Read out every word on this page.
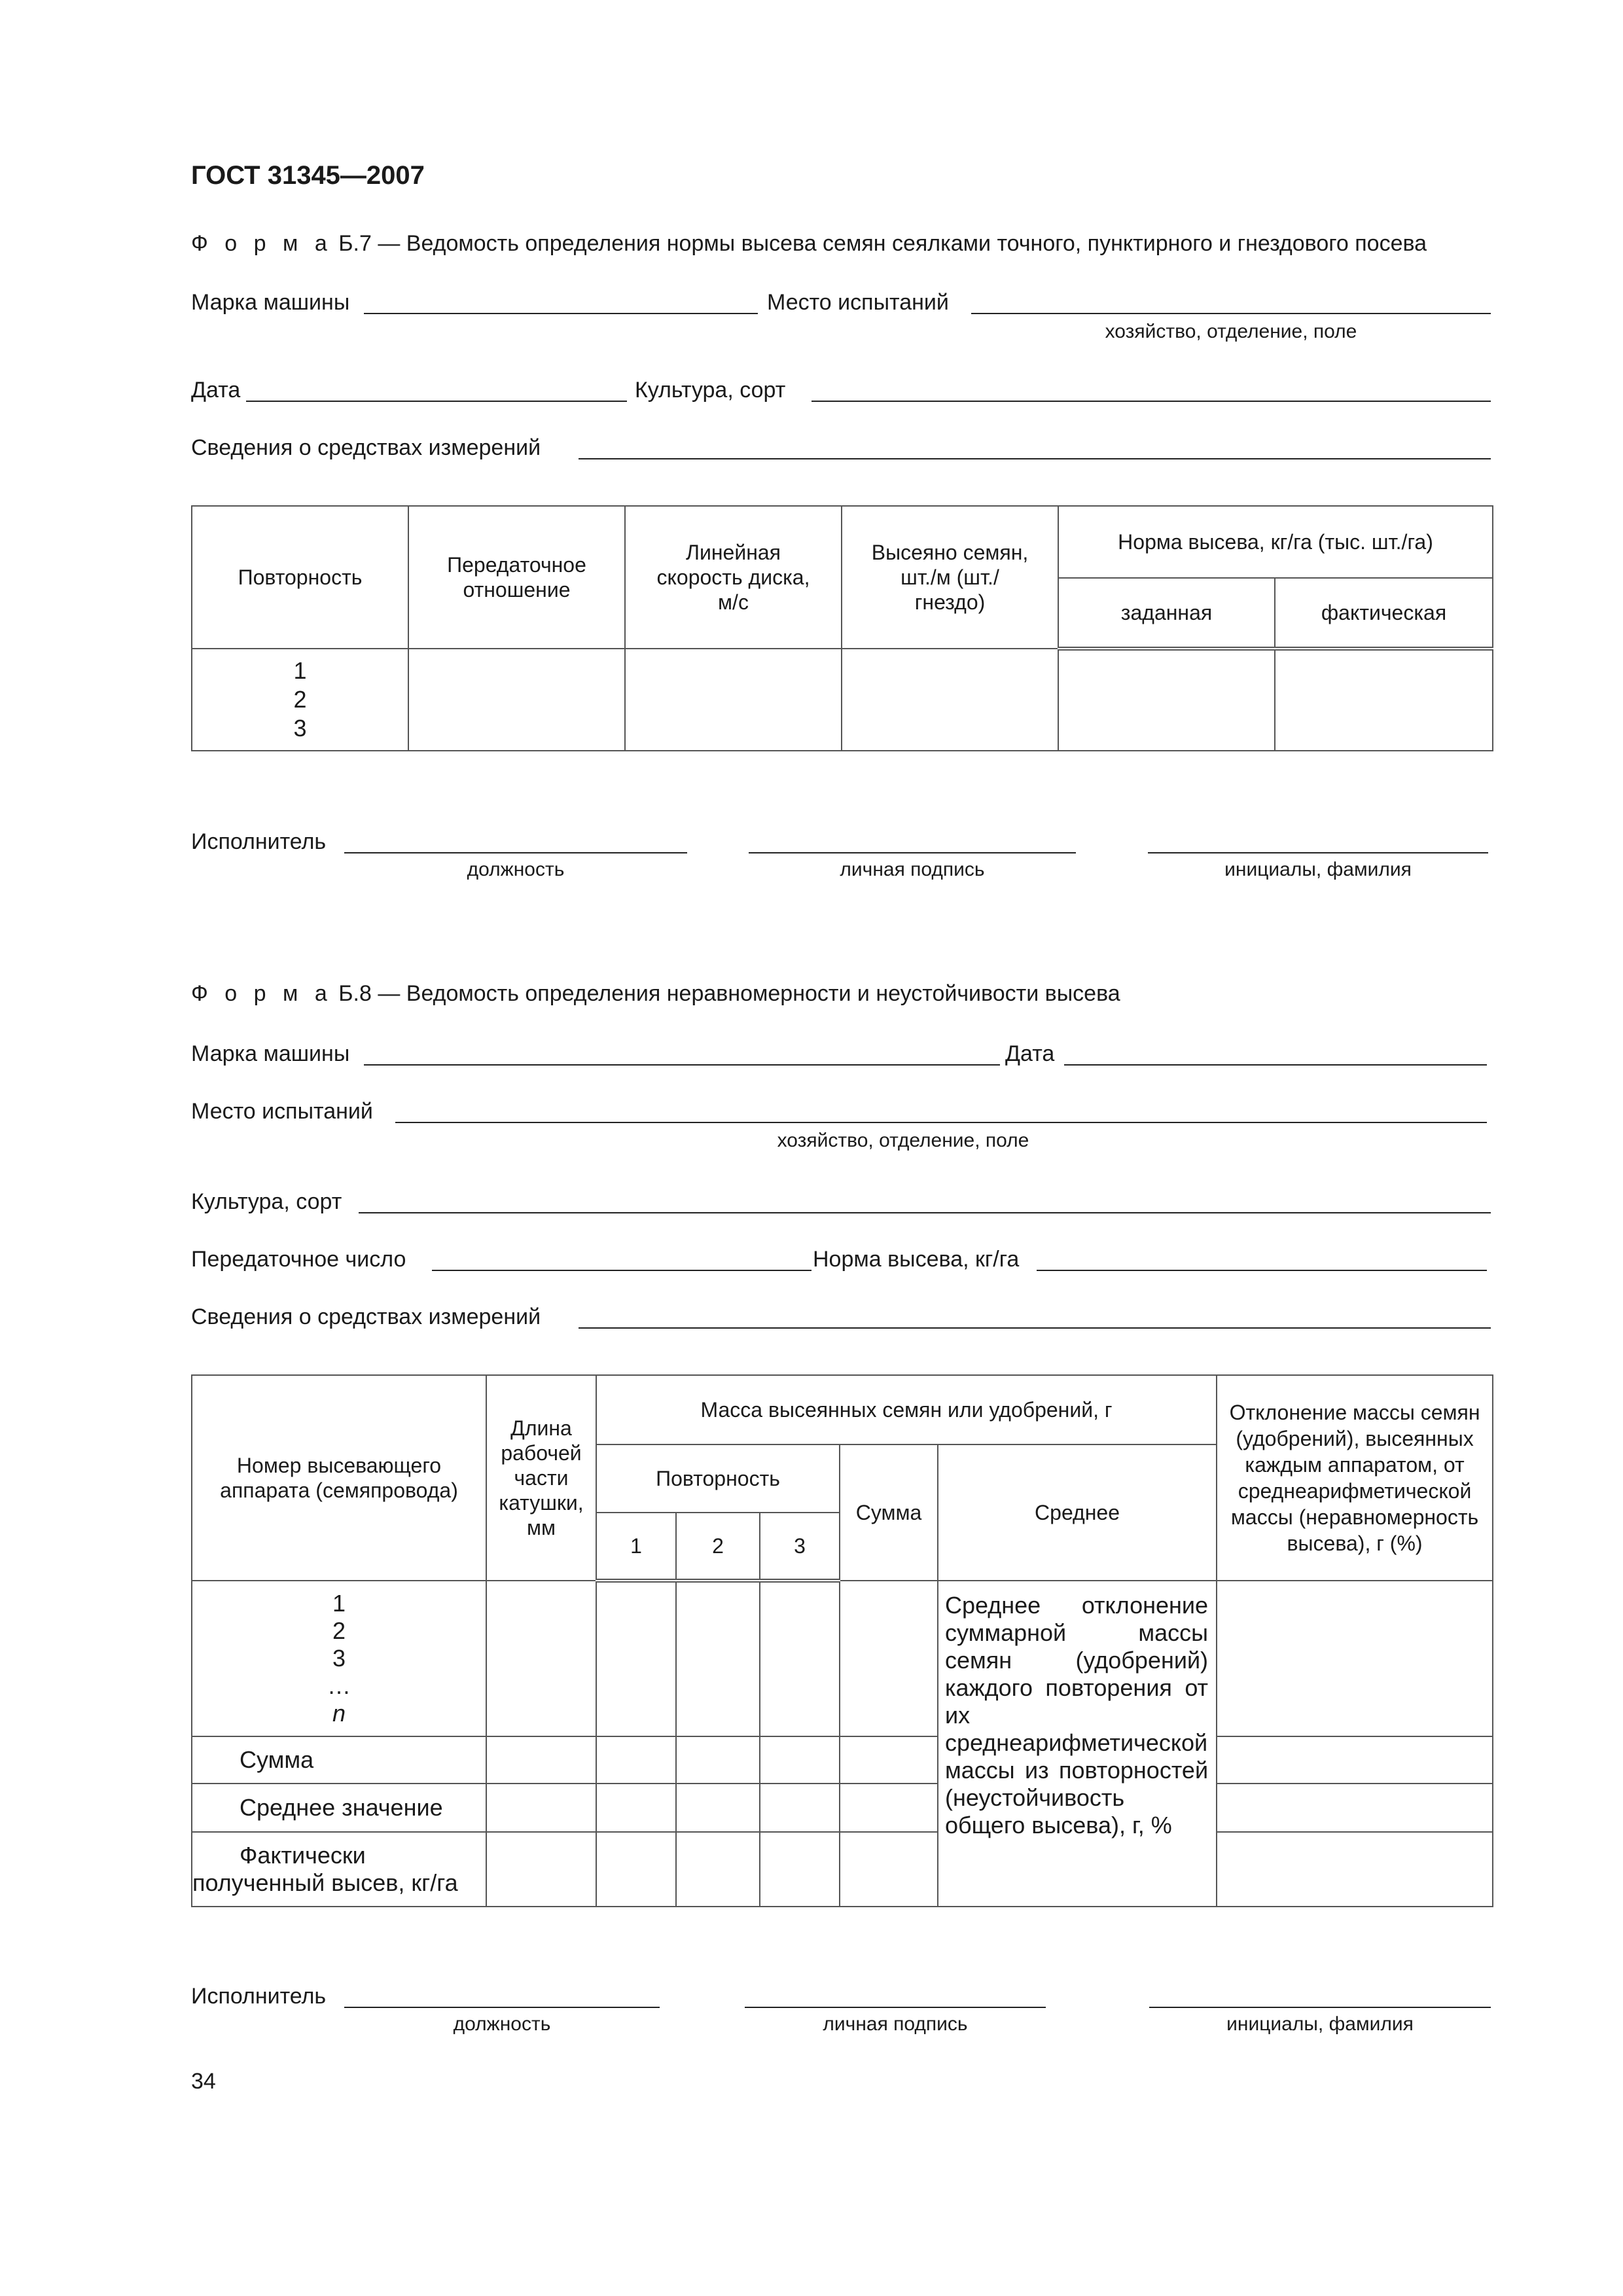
ГОСТ 31345—2007
Ф о р м а Б.7 — Ведомость определения нормы высева семян сеялками точного, пунктирного и гнездового посева
Марка машины	Место испытаний
хозяйство, отделение, поле
Дата	Культура, сорт
Сведения о средствах измерений
Повторность	Передаточное отношение	Линейная скорость диска, м/с	Высеяно семян, шт./м (шт./гнездо)	Норма высева, кг/га (тыс. шт./га)	
				заданная	фактическая

1
2
3					

Исполнитель
должность	личная подпись	инициалы, фамилия
Ф о р м а Б.8 — Ведомость определения неравномерности и неустойчивости высева
Марка машины	Дата
Место испытаний
хозяйство, отделение, поле
Культура, сорт
Передаточное число	Норма высева, кг/га
Сведения о средствах измерений
Номер высевающего аппарата (семяпровода)	Длина рабочей части катушки, мм	Масса высеянных семян или удобрений, г					Отклонение массы семян (удобрений), высеянных каждым аппаратом, от среднеарифметической массы (неравномерность высева), г (%)
		Повторность			Сумма	Среднее	
		1	2	3			

1
2
3
…
n						Среднее отклонение суммарной массы семян (удобрений) каждого повторения от их среднеарифметической массы из повторностей (неустойчивость общего высева), г, %	
Сумма							
Среднее значение							
Фактически полученный высев, кг/га							
Исполнитель
должность	личная подпись	инициалы, фамилия
34
